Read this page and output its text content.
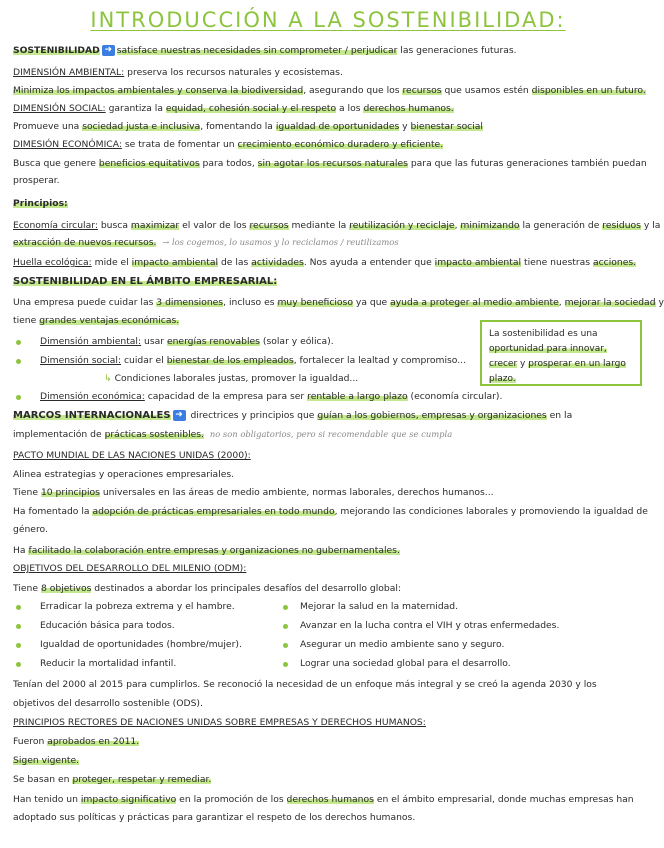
INTRODUCCIÓN A LA SOSTENIBILIDAD:
SOSTENIBILIDAD ➜ satisface nuestras necesidades sin comprometer / perjudicar las generaciones futuras.
DIMENSIÓN AMBIENTAL: preserva los recursos naturales y ecosistemas.
Minimiza los impactos ambientales y conserva la biodiversidad, asegurando que los recursos que usamos estén disponibles en un futuro.
DIMENSIÓN SOCIAL: garantiza la equidad, cohesión social y el respeto a los derechos humanos.
Promueve una sociedad justa e inclusiva, fomentando la igualdad de oportunidades y bienestar social
DIMESIÓN ECONÓMICA: se trata de fomentar un crecimiento económico duradero y eficiente.
Busca que genere beneficios equitativos para todos, sin agotar los recursos naturales para que las futuras generaciones también puedan
prosperar.
Principios:
Economía circular: busca maximizar el valor de los recursos mediante la reutilización y reciclaje, minimizando la generación de residuos y la
extracción de nuevos recursos. → los cogemos, lo usamos y lo reciclamos / reutilizamos
Huella ecológica: mide el impacto ambiental de las actividades. Nos ayuda a entender que impacto ambiental tiene nuestras acciones.
SOSTENIBILIDAD EN EL ÁMBITO EMPRESARIAL:
Una empresa puede cuidar las 3 dimensiones, incluso es muy beneficioso ya que ayuda a proteger al medio ambiente, mejorar la sociedad y
tiene grandes ventajas económicas.
Dimensión ambiental: usar energías renovables (solar y eólica).
Dimensión social: cuidar el bienestar de los empleados, fortalecer la lealtad y compromiso...
↳ Condiciones laborales justas, promover la igualdad...
Dimensión económica: capacidad de la empresa para ser rentable a largo plazo (economía circular).
La sostenibilidad es una oportunidad para innovar, crecer y prosperar en un largo plazo.
MARCOS INTERNACIONALES ➜ directrices y principios que guían a los gobiernos, empresas y organizaciones en la
implementación de prácticas sostenibles. no son obligatorios, pero si recomendable que se cumpla
PACTO MUNDIAL DE LAS NACIONES UNIDAS (2000):
Alinea estrategias y operaciones empresariales.
Tiene 10 principios universales en las áreas de medio ambiente, normas laborales, derechos humanos...
Ha fomentado la adopción de prácticas empresariales en todo mundo, mejorando las condiciones laborales y promoviendo la igualdad de
género.
Ha facilitado la colaboración entre empresas y organizaciones no gubernamentales.
OBJETIVOS DEL DESARROLLO DEL MILENIO (ODM):
Tiene 8 objetivos destinados a abordar los principales desafíos del desarrollo global:
Erradicar la pobreza extrema y el hambre.
Educación básica para todos.
Igualdad de oportunidades (hombre/mujer).
Reducir la mortalidad infantil.
Mejorar la salud en la maternidad.
Avanzar en la lucha contra el VIH y otras enfermedades.
Asegurar un medio ambiente sano y seguro.
Lograr una sociedad global para el desarrollo.
Tenían del 2000 al 2015 para cumplirlos. Se reconoció la necesidad de un enfoque más integral y se creó la agenda 2030 y los
objetivos del desarrollo sostenible (ODS).
PRINCIPIOS RECTORES DE NACIONES UNIDAS SOBRE EMPRESAS Y DERECHOS HUMANOS:
Fueron aprobados en 2011.
Sigen vigente.
Se basan en proteger, respetar y remediar.
Han tenido un impacto significativo en la promoción de los derechos humanos en el ámbito empresarial, donde muchas empresas han
adoptado sus políticas y prácticas para garantizar el respeto de los derechos humanos.
